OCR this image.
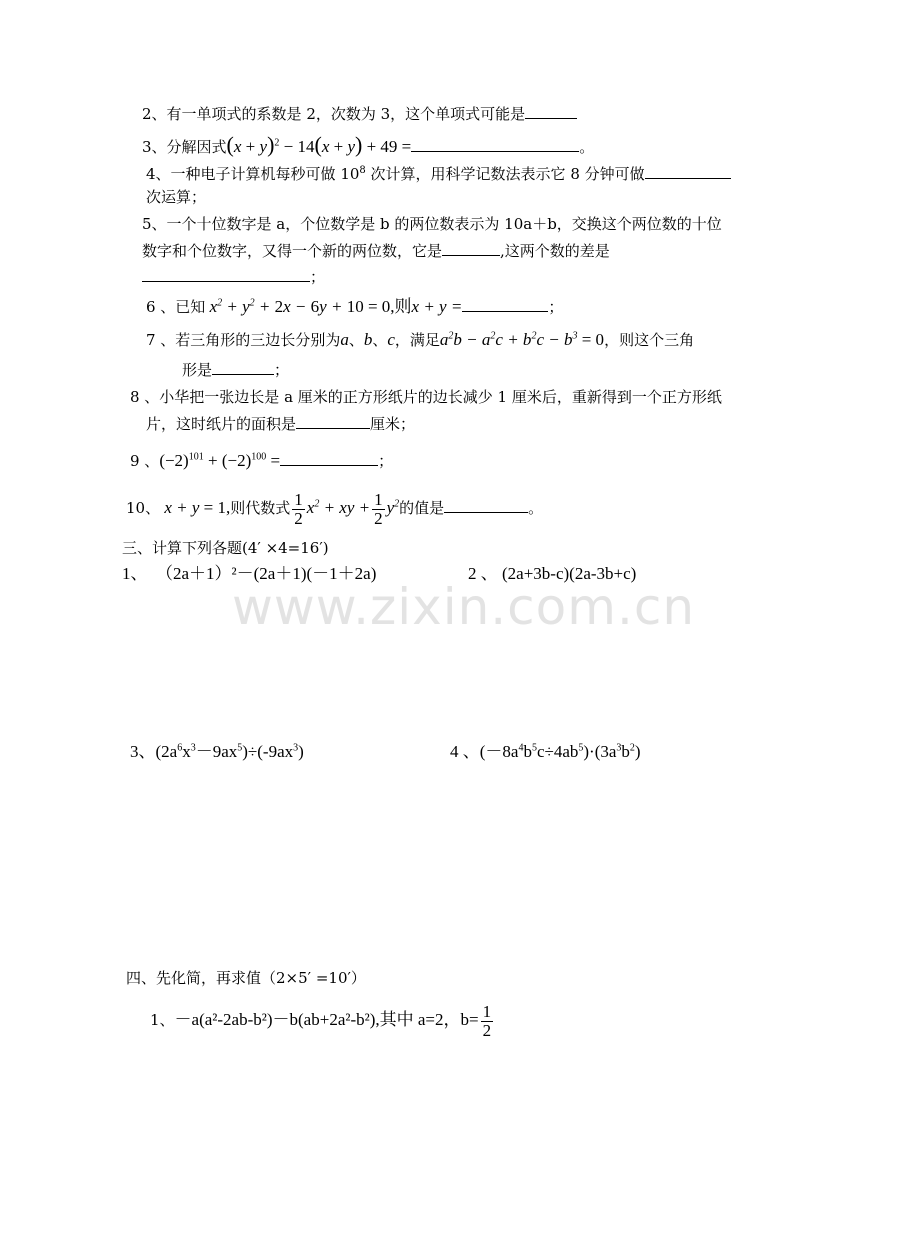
www.zixin.com.cn
2、有一单项式的系数是 2，次数为 3，这个单项式可能是
3、分解因式$(x + y)^2 - 14(x + y) + 49$ =	。
4、一种电子计算机每秒可做 $10^8$ 次计算，用科学记数法表示它 8 分钟可做
次运算；
5、一个十位数字是 a，个位数学是 b 的两位数表示为 10a＋b，交换这个两位数的十位
数字和个位数字，又得一个新的两位数，它是	,这两个数的差是
；
6 、已知 $x^2 + y^2 + 2x - 6y + 10 = 0$,则x + y =	；
7 、若三角形的三边长分别为a、b、c，满足$a^2b - a^2c + b^2c - b^3 = 0$，则这个三角
形是	；
8 、小华把一张边长是 a 厘米的正方形纸片的边长减少 1 厘米后，重新得到一个正方形纸
片，这时纸片的面积是	厘米；
9 、$(-2)^{101} + (-2)^{100}$ =	；
10、 x + y = 1,则代数式 $\frac{1}{2} x^2$ + xy + $\frac{1}{2} y^2$的值是	。
三、计算下列各题(4′ ×4=16′)
1、 （2a＋1）²－(2a＋1)(－1＋2a)	2 、 (2a+3b-c)(2a-3b+c)
3、$(2a^6x^3-9ax^5)\div(-9ax^3)$	4 、$(-8a^4b^5c\div 4ab^5)\cdot(3a^3b^2)$
四、先化简，再求值（2×5′ =10′）
1、－a(a²-2ab-b²)－b(ab+2a²-b²),其中 a=2，$b= \frac{1}{2}$
